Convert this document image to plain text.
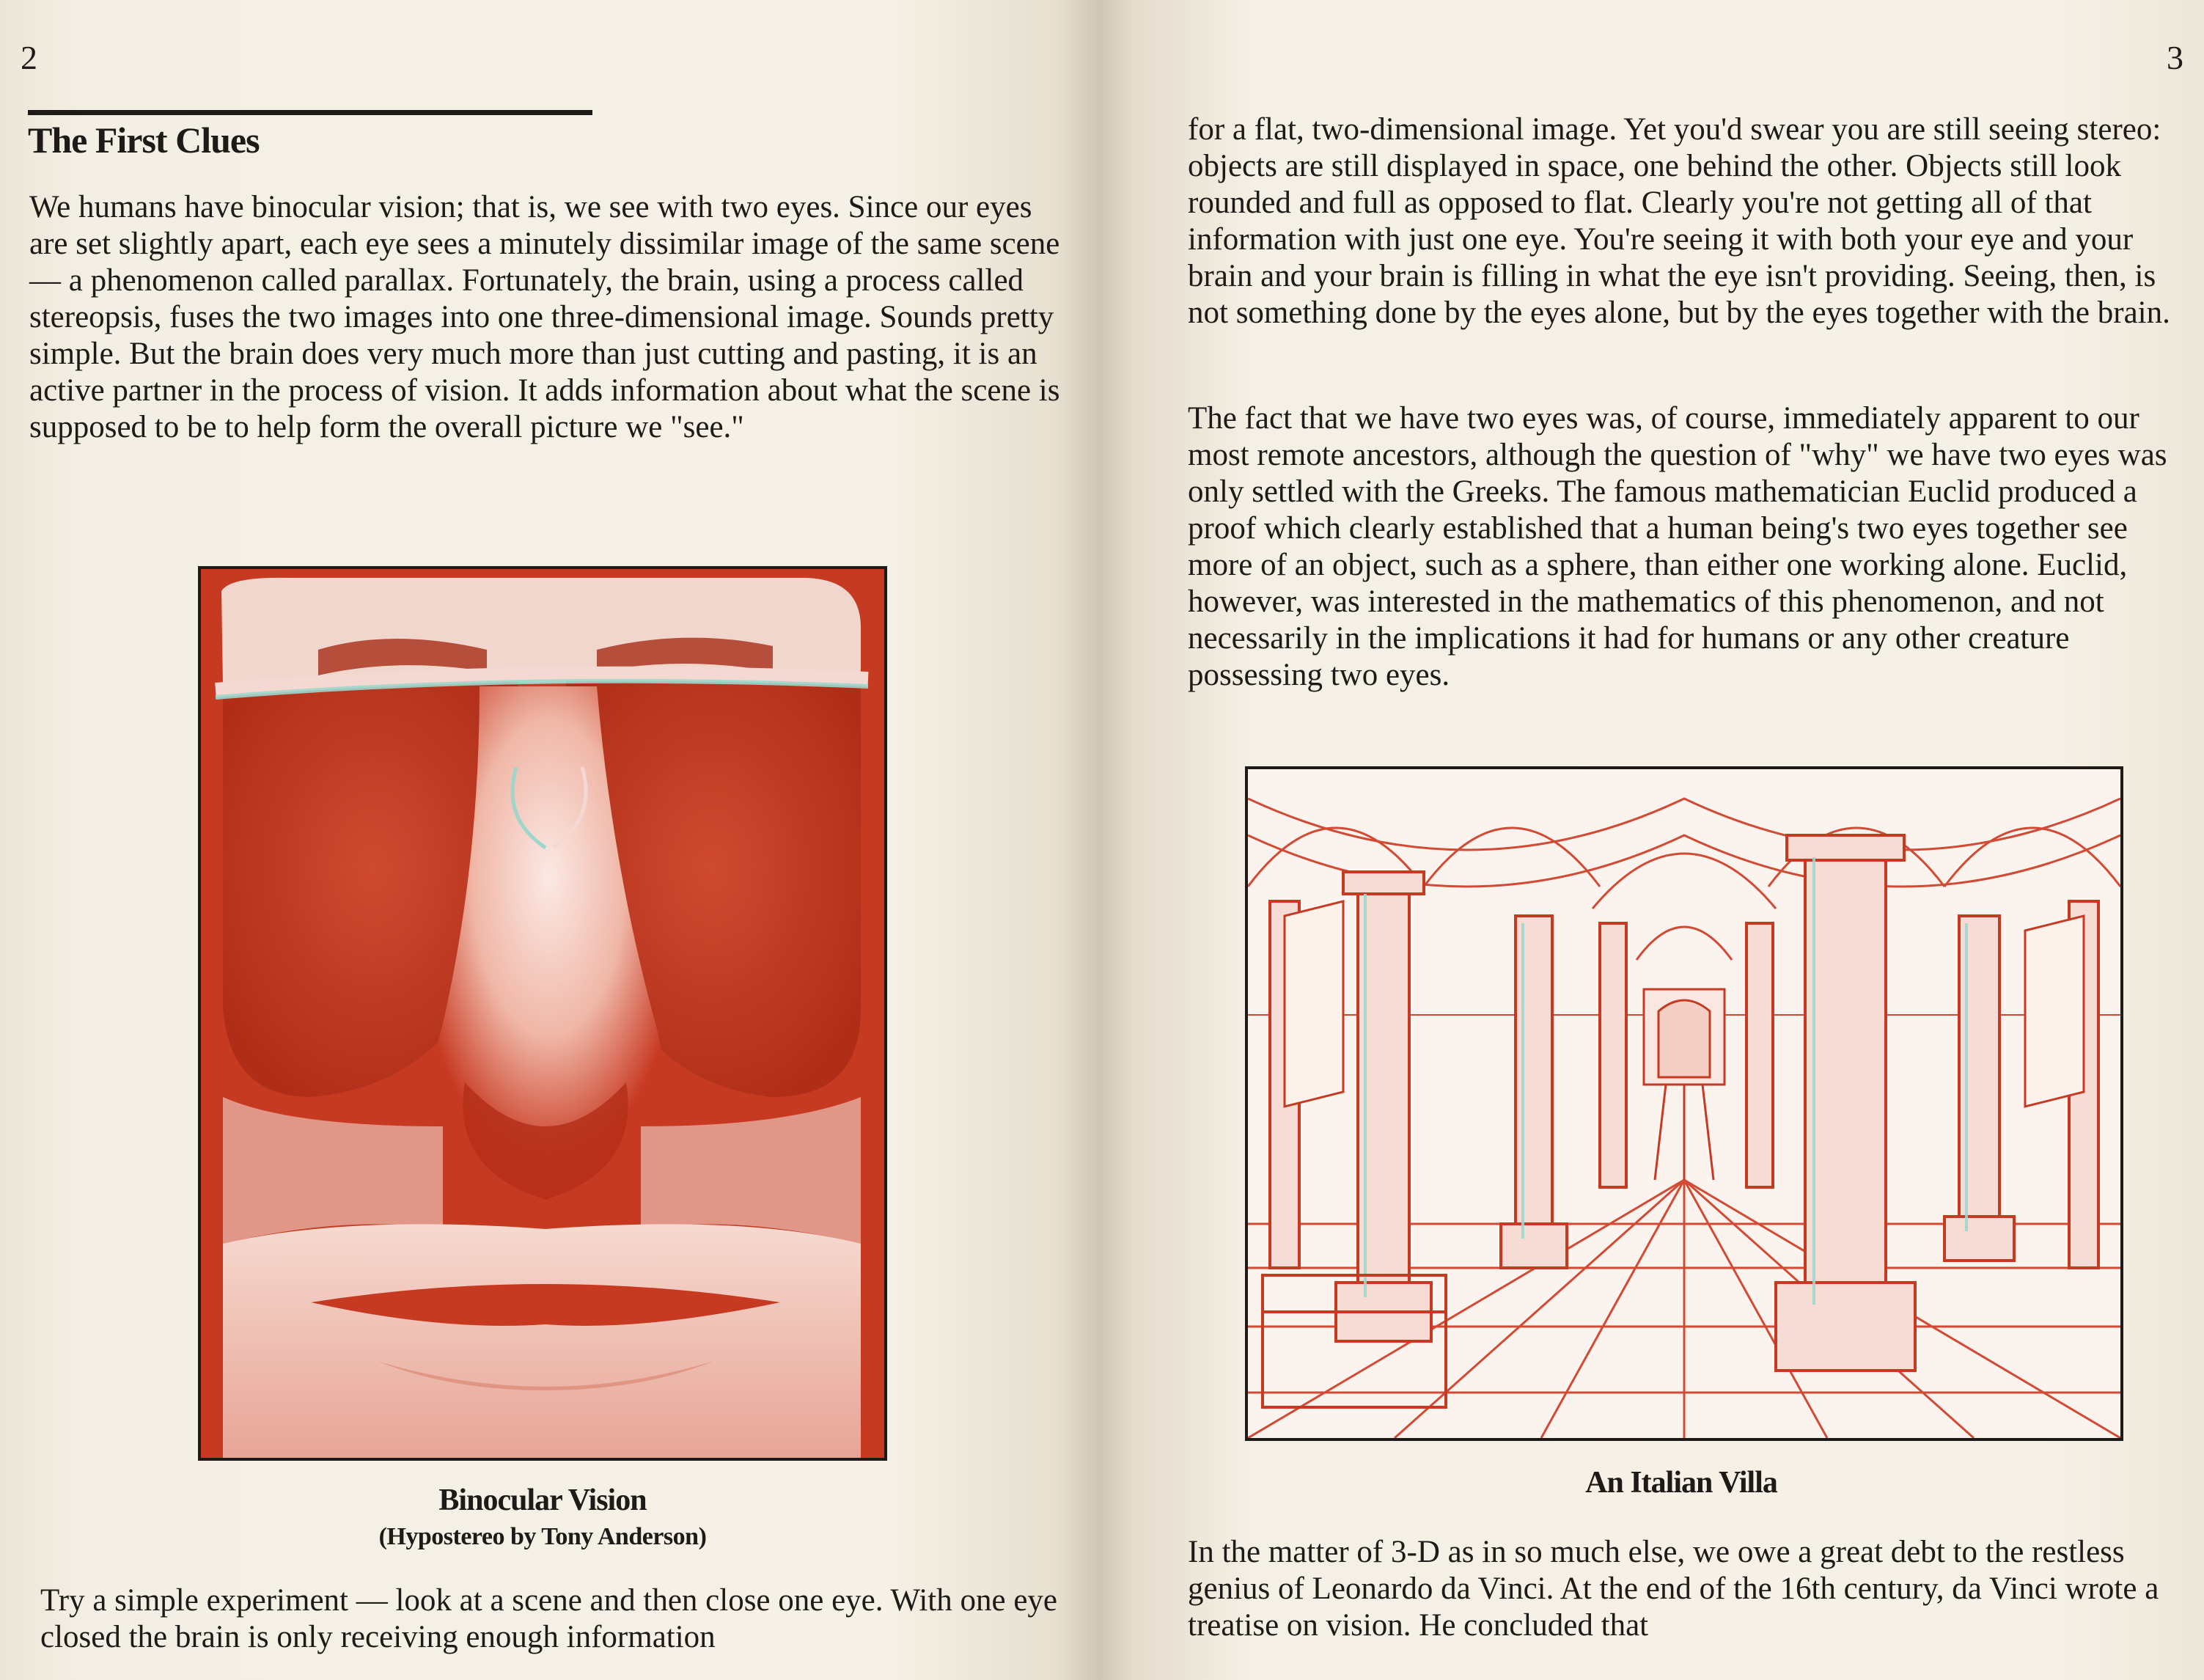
2
The First Clues

We humans have binocular vision; that is, we see with two eyes. Since our eyes are set slightly apart, each eye sees a minutely dissimilar image of the same scene — a phenomenon called parallax. Fortunately, the brain, using a process called stereopsis, fuses the two images into one three-dimensional image. Sounds pretty simple. But the brain does very much more than just cutting and pasting, it is an active partner in the process of vision. It adds information about what the scene is supposed to be to help form the overall picture we "see."

Binocular Vision
(Hypostereo by Tony Anderson)

Try a simple experiment — look at a scene and then close one eye. With one eye closed the brain is only receiving enough information

3

for a flat, two-dimensional image. Yet you'd swear you are still seeing stereo: objects are still displayed in space, one behind the other. Objects still look rounded and full as opposed to flat. Clearly you're not getting all of that information with just one eye. You're seeing it with both your eye and your brain and your brain is filling in what the eye isn't providing. Seeing, then, is not something done by the eyes alone, but by the eyes together with the brain.

The fact that we have two eyes was, of course, immediately apparent to our most remote ancestors, although the question of "why" we have two eyes was only settled with the Greeks. The famous mathematician Euclid produced a proof which clearly established that a human being's two eyes together see more of an object, such as a sphere, than either one working alone. Euclid, however, was interested in the mathematics of this phenomenon, and not necessarily in the implications it had for humans or any other creature possessing two eyes.

An Italian Villa

In the matter of 3-D as in so much else, we owe a great debt to the restless genius of Leonardo da Vinci. At the end of the 16th century, da Vinci wrote a treatise on vision. He concluded that
